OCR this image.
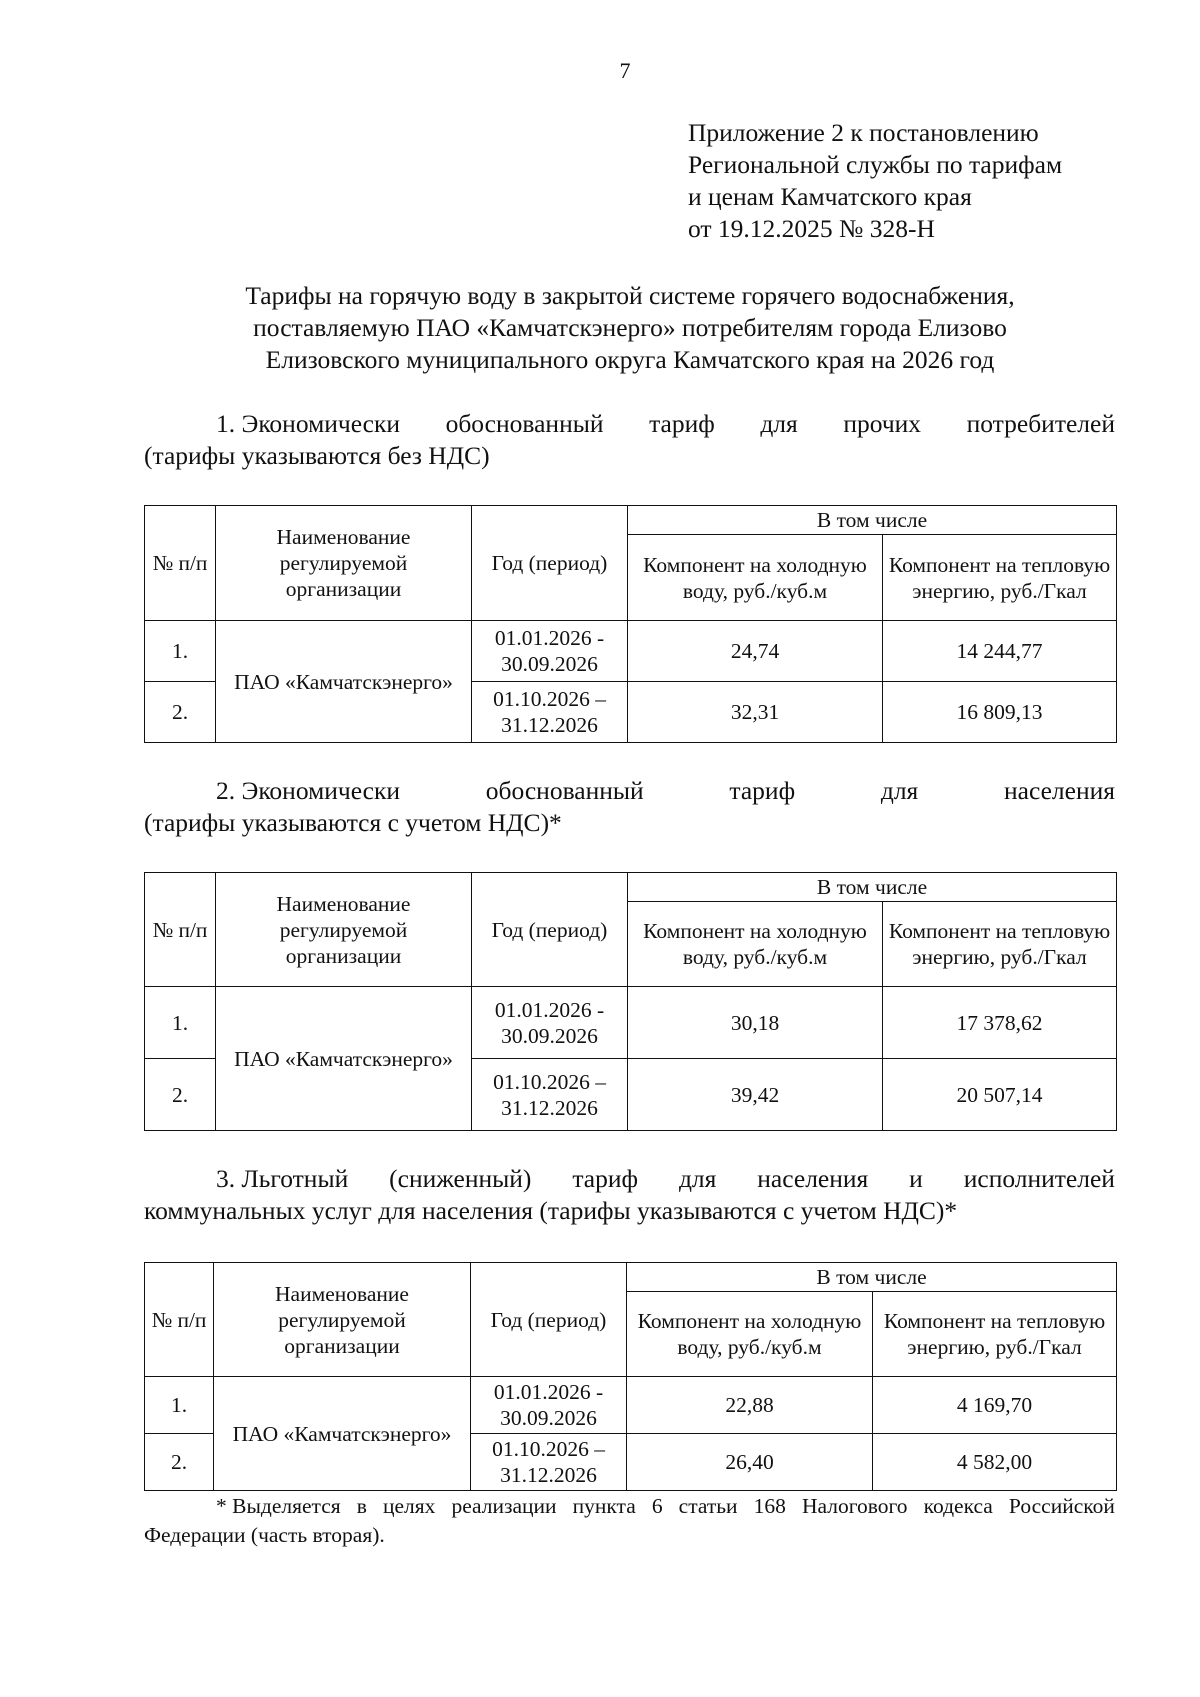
7
Приложение 2 к постановлению
Региональной службы по тарифам
и ценам Камчатского края
от 19.12.2025 № 328-Н
Тарифы на горячую воду в закрытой системе горячего водоснабжения,
поставляемую ПАО «Камчатскэнерго» потребителям города Елизово
Елизовского муниципального округа Камчатского края на 2026 год
1. Экономически обоснованный тариф для прочих потребителей
(тарифы указываются без НДС)
№ п/п	Наименование регулируемой организации	Год (период)	В том числе	
			Компонент на холодную воду, руб./куб.м	Компонент на тепловую энергию, руб./Гкал
1.	ПАО «Камчатскэнерго»	01.01.2026 - 30.09.2026	24,74	14 244,77
2.		01.10.2026 – 31.12.2026	32,31	16 809,13
2. Экономически	обоснованный	тариф	для	населения
(тарифы указываются с учетом НДС)*
№ п/п	Наименование регулируемой организации	Год (период)	В том числе	
			Компонент на холодную воду, руб./куб.м	Компонент на тепловую энергию, руб./Гкал
1.	ПАО «Камчатскэнерго»	01.01.2026 - 30.09.2026	30,18	17 378,62
2.		01.10.2026 – 31.12.2026	39,42	20 507,14
3. Льготный (сниженный) тариф для населения и исполнителей
коммунальных услуг для населения (тарифы указываются с учетом НДС)*
№ п/п	Наименование регулируемой организации	Год (период)	В том числе	
			Компонент на холодную воду, руб./куб.м	Компонент на тепловую энергию, руб./Гкал
1.	ПАО «Камчатскэнерго»	01.01.2026 - 30.09.2026	22,88	4 169,70
2.		01.10.2026 – 31.12.2026	26,40	4 582,00
* Выделяется в целях реализации пункта 6 статьи 168 Налогового кодекса Российской
Федерации (часть вторая).
